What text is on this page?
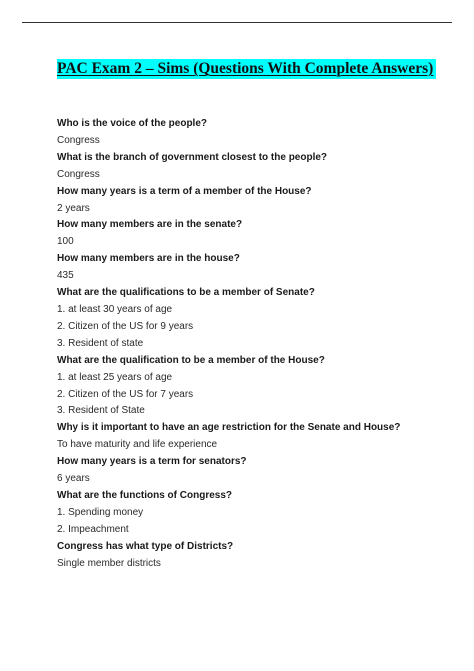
PAC Exam 2 – Sims (Questions With Complete Answers)
Who is the voice of the people?
Congress
What is the branch of government closest to the people?
Congress
How many years is a term of a member of the House?
2 years
How many members are in the senate?
100
How many members are in the house?
435
What are the qualifications to be a member of Senate?
1. at least 30 years of age
2. Citizen of the US for 9 years
3. Resident of state
What are the qualification to be a member of the House?
1. at least 25 years of age
2. Citizen of the US for 7 years
3. Resident of State
Why is it important to have an age restriction for the Senate and House?
To have maturity and life experience
How many years is a term for senators?
6 years
What are the functions of Congress?
1. Spending money
2. Impeachment
Congress has what type of Districts?
Single member districts
